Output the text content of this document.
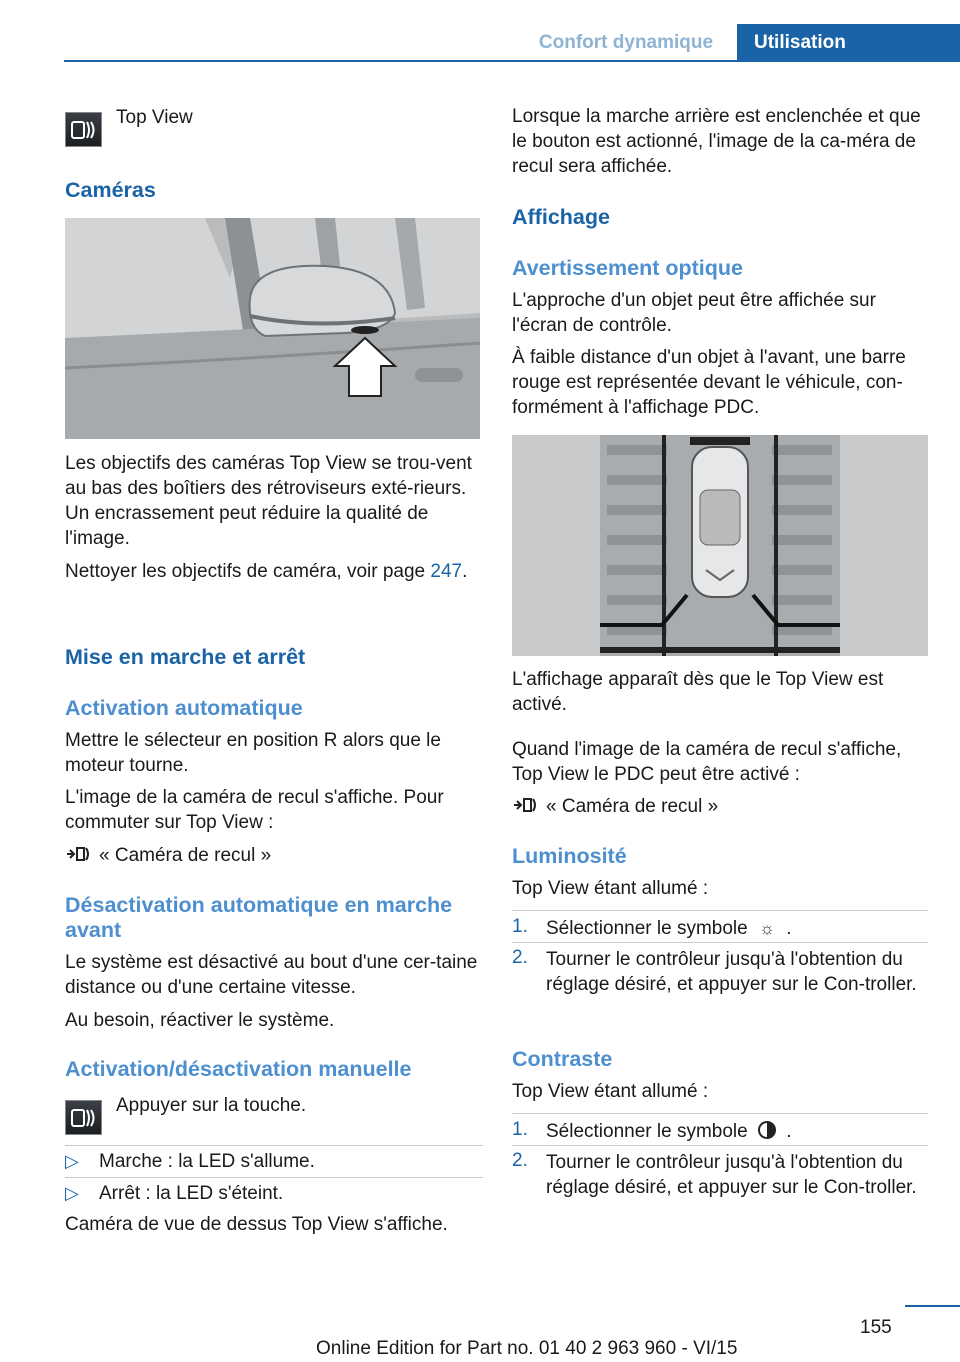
Confort dynamique	Utilisation

Top View

Caméras

Les objectifs des caméras Top View se trou‐vent au bas des boîtiers des rétroviseurs exté‐rieurs. Un encrassement peut réduire la qualité de l'image.

Nettoyer les objectifs de caméra, voir page 247.

Mise en marche et arrêt
Activation automatique

Mettre le sélecteur en position R alors que le moteur tourne.

L'image de la caméra de recul s'affiche. Pour commuter sur Top View :

« Caméra de recul »

Désactivation automatique en marche avant

Le système est désactivé au bout d'une cer‐taine distance ou d'une certaine vitesse.

Au besoin, réactiver le système.

Activation/désactivation manuelle

Appuyer sur la touche.

▷ Marche : la LED s'allume.

▷ Arrêt : la LED s'éteint.

Caméra de vue de dessus Top View s'affiche.

Lorsque la marche arrière est enclenchée et que le bouton est actionné, l'image de la ca‐méra de recul sera affichée.

Affichage
Avertissement optique

L'approche d'un objet peut être affichée sur l'écran de contrôle.

À faible distance d'un objet à l'avant, une barre rouge est représentée devant le véhicule, con‐formément à l'affichage PDC.

L'affichage apparaît dès que le Top View est activé.

Quand l'image de la caméra de recul s'affiche, Top View le PDC peut être activé :

« Caméra de recul »

Luminosité

Top View étant allumé :

1. Sélectionner le symbole ☼ .

2. Tourner le contrôleur jusqu'à l'obtention du réglage désiré, et appuyer sur le Con‐troller.

Contraste

Top View étant allumé :

1. Sélectionner le symbole .

2. Tourner le contrôleur jusqu'à l'obtention du réglage désiré, et appuyer sur le Con‐troller.

155
Online Edition for Part no. 01 40 2 963 960 - VI/15
